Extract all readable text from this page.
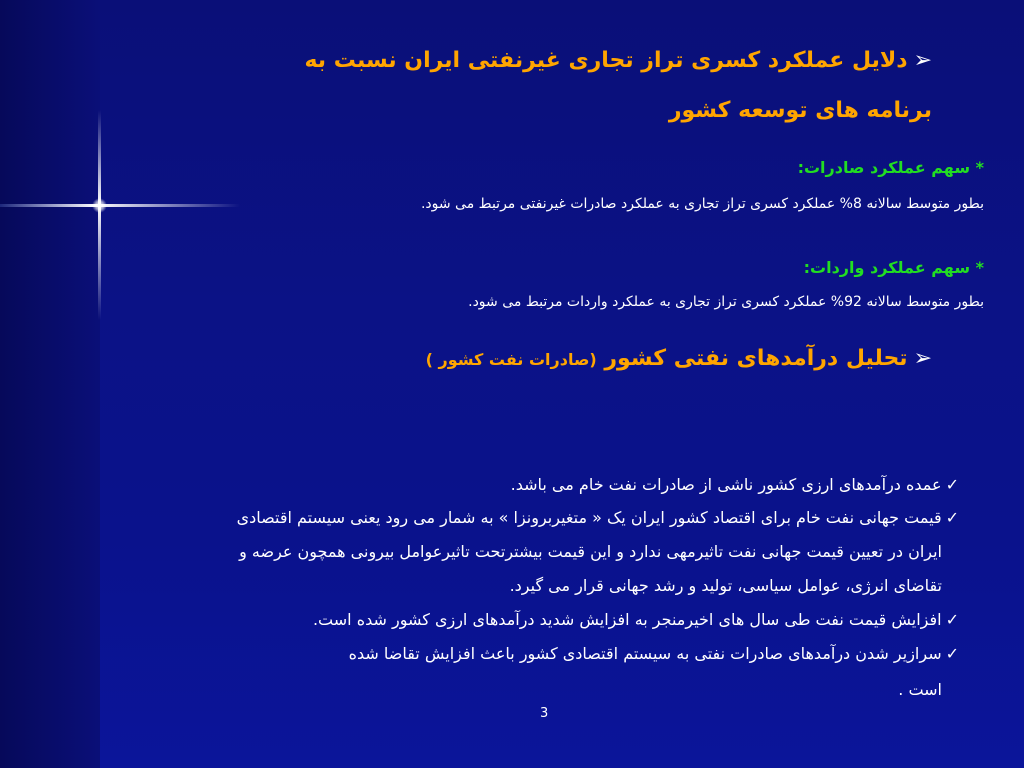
➢دلایل عملکرد کسری تراز تجاری غیرنفتی ایران نسبت به
برنامه های توسعه کشور
* سهم عملکرد صادرات:
بطور متوسط سالانه 8% عملکرد کسری تراز تجاری به عملکرد صادرات غیرنفتی مرتبط می شود.
* سهم عملکرد واردات:
بطور متوسط سالانه 92% عملکرد کسری تراز تجاری به عملکرد واردات مرتبط می شود.
➢تحلیل درآمدهای نفتی کشور (صادرات نفت کشور )
✓عمده درآمدهای ارزی کشور ناشی از صادرات نفت خام می باشد.
✓قیمت جهانی نفت خام برای اقتصاد کشور ایران یک « متغیربرونزا » به شمار می رود یعنی سیستم اقتصادی
ایران در تعیین قیمت جهانی نفت تاثیرمهی ندارد و این قیمت بیشترتحت تاثیرعوامل بیرونی همچون عرضه و
تقاضای انرژی، عوامل سیاسی، تولید و رشد جهانی قرار می گیرد.
✓افزایش قیمت نفت طی سال های اخیرمنجر به افزایش شدید درآمدهای ارزی کشور شده است.
✓سرازیر شدن درآمدهای صادرات نفتی به سیستم اقتصادی کشور باعث افزایش تقاضا شده
است .
3
